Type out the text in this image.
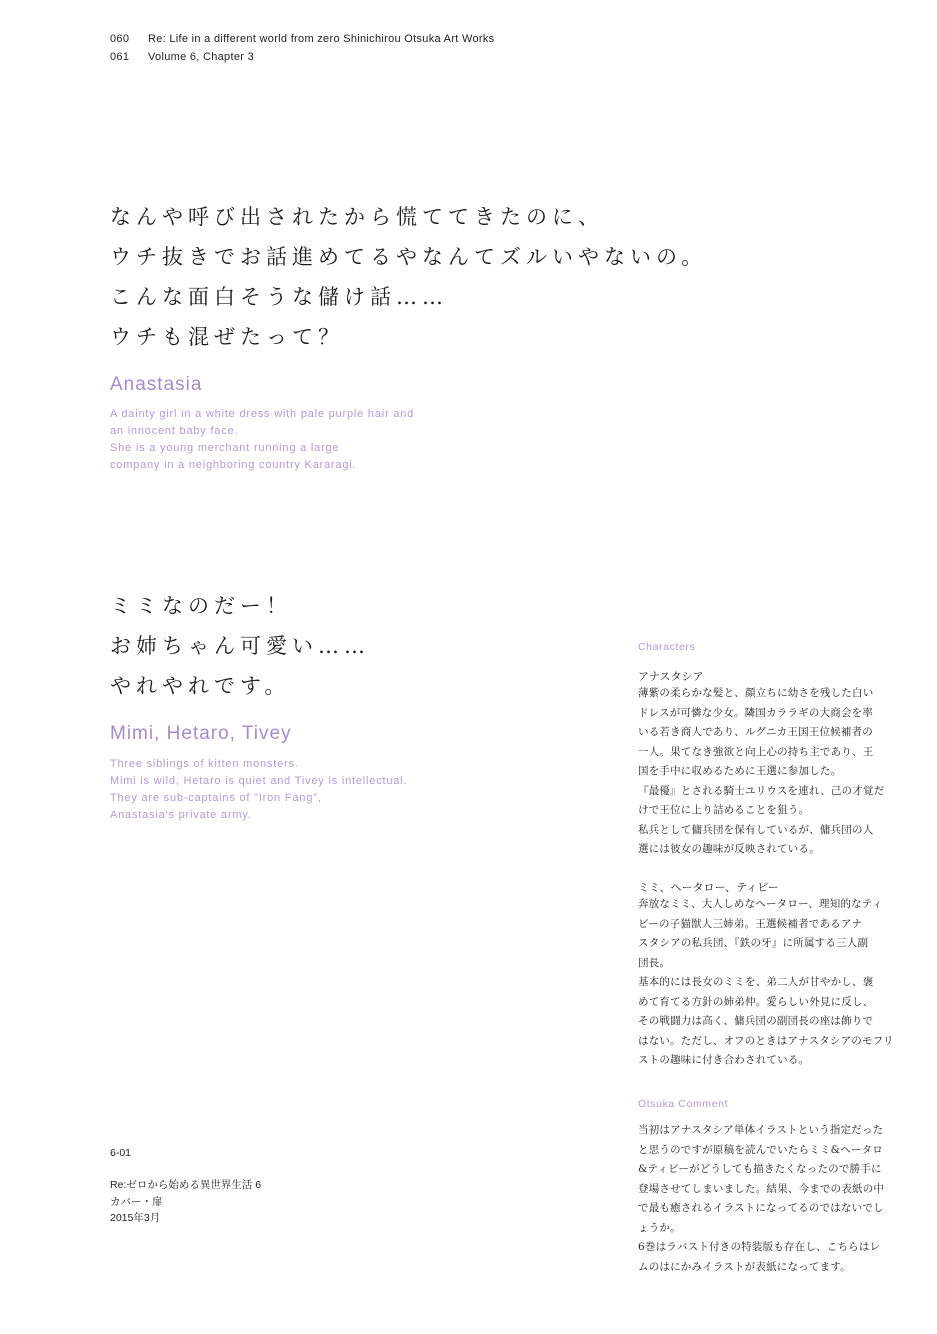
060 Re: Life in a different world from zero Shinichirou Otsuka Art Works
061 Volume 6, Chapter 3
なんや呼び出されたから慌ててきたのに、
ウチ抜きでお話進めてるやなんてズルいやないの。
こんな面白そうな儲け話……
ウチも混ぜたって？
Anastasia
A dainty girl in a white dress with pale purple hair and
an innocent baby face.
She is a young merchant running a large
company in a neighboring country Kararagi.
ミミなのだー！
お姉ちゃん可愛い……
やれやれです。
Mimi, Hetaro, Tivey
Three siblings of kitten monsters.
Mimi is wild, Hetaro is quiet and Tivey is intellectual.
They are sub-captains of "Iron Fang",
Anastasia's private army.
Characters
アナスタシア
薄紫の柔らかな髪と、顔立ちに幼さを残した白い
ドレスが可憐な少女。隣国カララギの大商会を率
いる若き商人であり、ルグニカ王国王位候補者の
一人。果てなき強欲と向上心の持ち主であり、王
国を手中に収めるために王選に参加した。
『最優』とされる騎士ユリウスを連れ、己の才覚だ
けで王位に上り詰めることを狙う。
私兵として傭兵団を保有しているが、傭兵団の人
選には彼女の趣味が反映されている。
ミミ、ヘータロー、ティビー
奔放なミミ、大人しめなヘータロー、理知的なティ
ビーの子猫獣人三姉弟。王選候補者であるアナ
スタシアの私兵団、『鉄の牙』に所属する三人副
団長。
基本的には長女のミミを、弟二人が甘やかし、褒
めて育てる方針の姉弟仲。愛らしい外見に反し、
その戦闘力は高く、傭兵団の副団長の座は飾りで
はない。ただし、オフのときはアナスタシアのモフリ
ストの趣味に付き合わされている。
Otsuka Comment
当初はアナスタシア単体イラストという指定だった
と思うのですが原稿を読んでいたらミミ&ヘータロ
&ティビーがどうしても描きたくなったので勝手に
登場させてしまいました。結果、今までの表紙の中
で最も癒されるイラストになってるのではないでし
ょうか。
6巻はラバスト付きの特装版も存在し、こちらはレ
ムのはにかみイラストが表紙になってます。
6-01
Re:ゼロから始める異世界生活 6
カバー・扉
2015年3月
